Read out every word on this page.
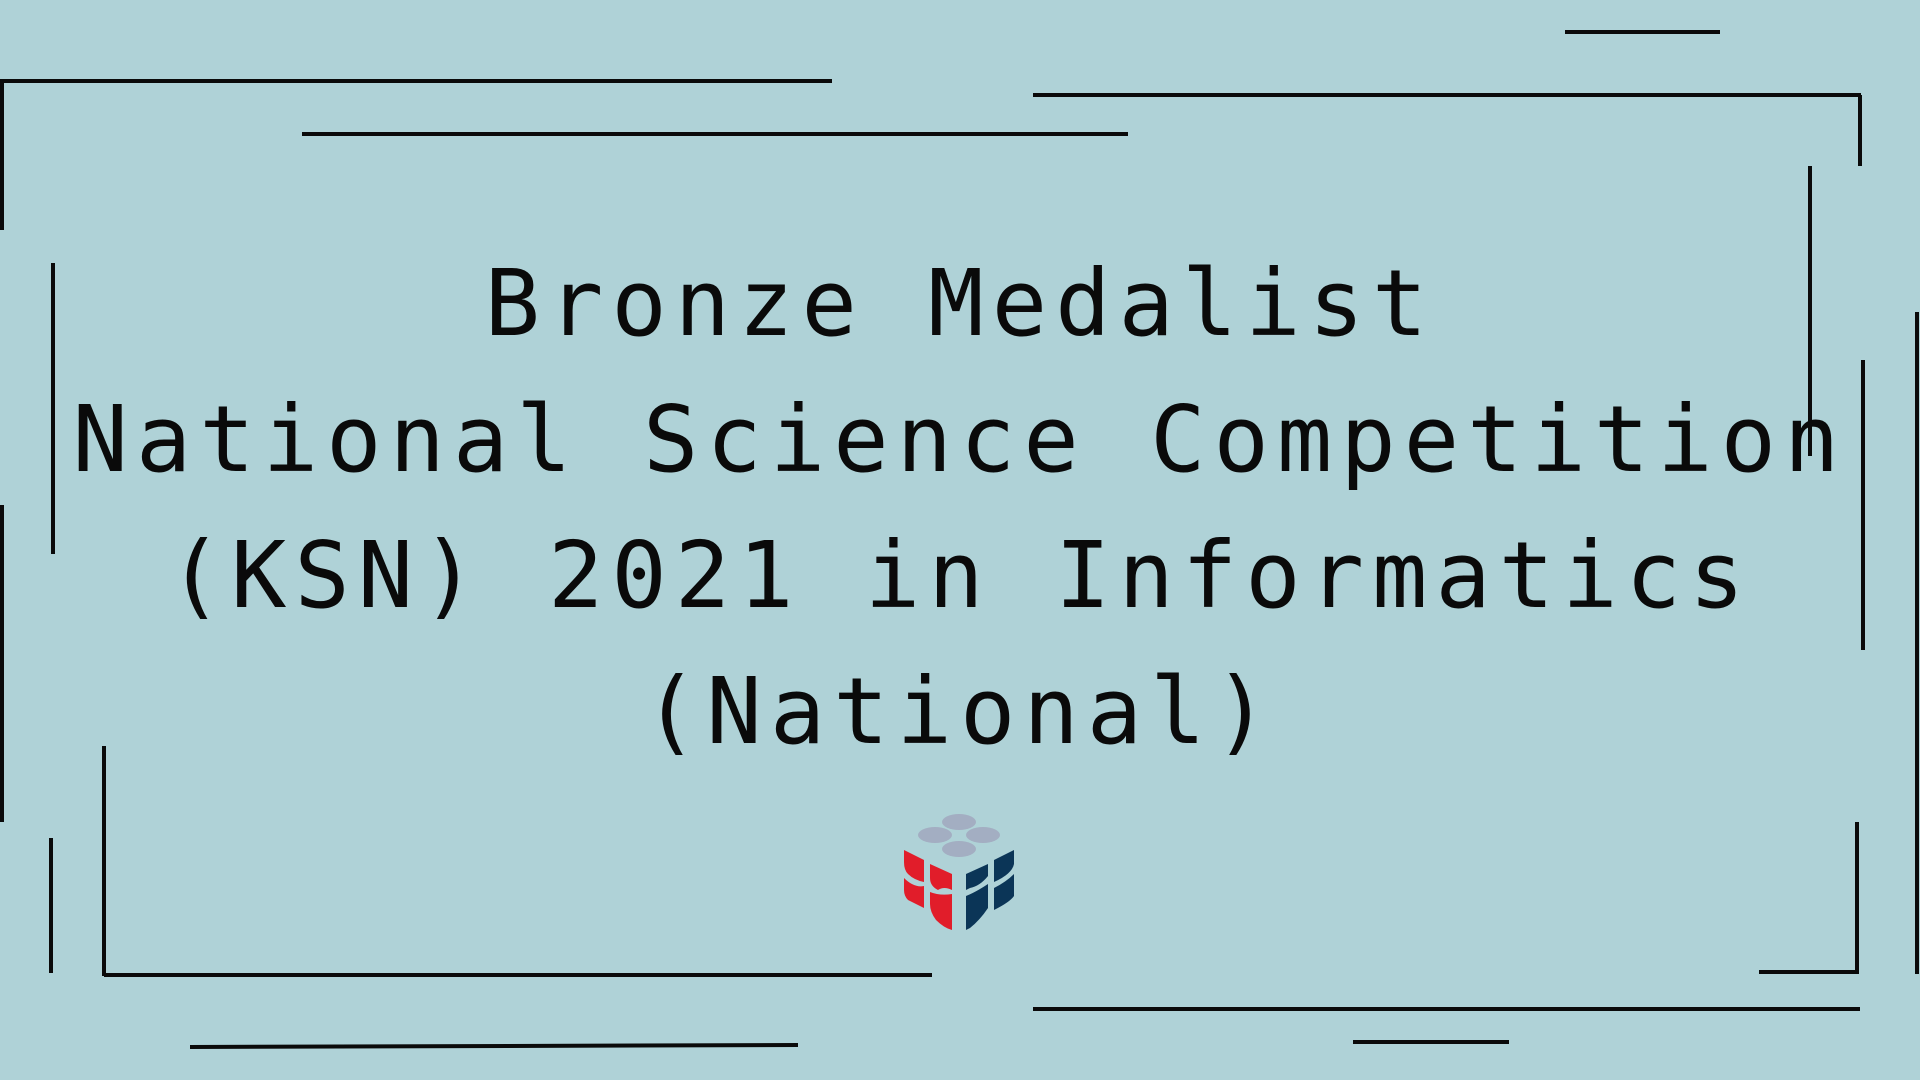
Bronze Medalist
National Science Competition
(KSN) 2021 in Informatics
(National)
